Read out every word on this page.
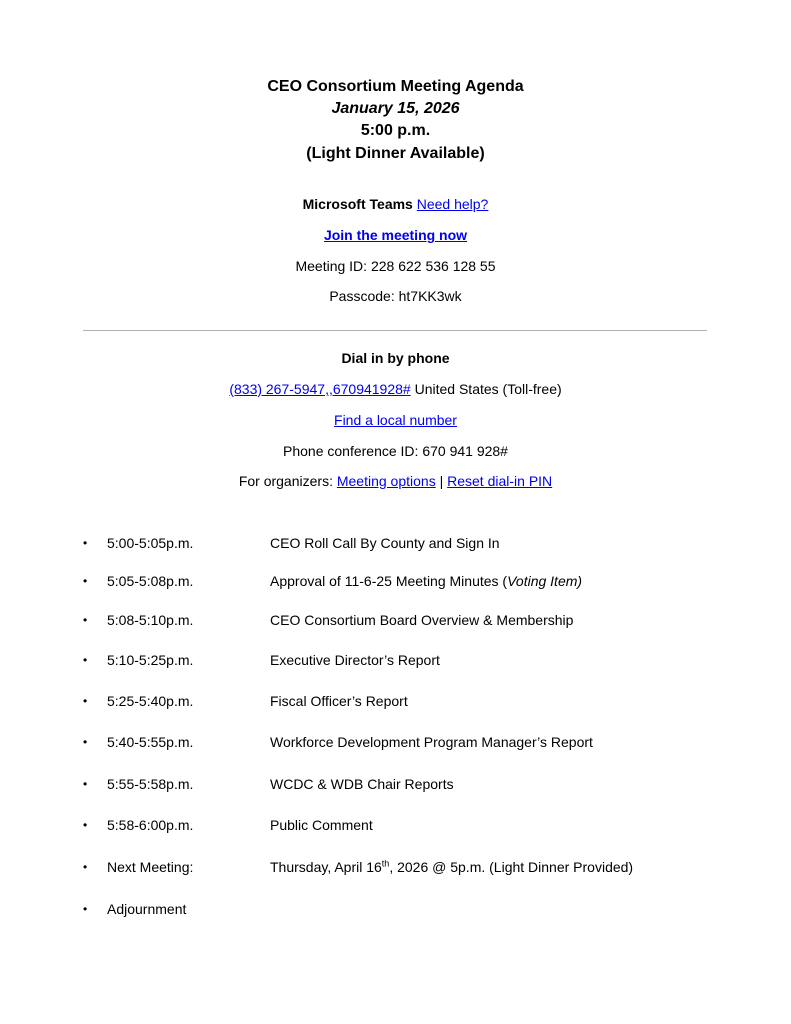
CEO Consortium Meeting Agenda
January 15, 2026
5:00 p.m.
(Light Dinner Available)
Microsoft Teams Need help?
Join the meeting now
Meeting ID: 228 622 536 128 55
Passcode: ht7KK3wk
Dial in by phone
(833) 267-5947,,670941928# United States (Toll-free)
Find a local number
Phone conference ID: 670 941 928#
For organizers: Meeting options | Reset dial-in PIN
• 5:00-5:05p.m.	CEO Roll Call By County and Sign In
• 5:05-5:08p.m.	Approval of 11-6-25 Meeting Minutes (Voting Item)
• 5:08-5:10p.m.	CEO Consortium Board Overview & Membership
• 5:10-5:25p.m.	Executive Director’s Report
• 5:25-5:40p.m.	Fiscal Officer’s Report
• 5:40-5:55p.m.	Workforce Development Program Manager’s Report
• 5:55-5:58p.m.	WCDC & WDB Chair Reports
• 5:58-6:00p.m.	Public Comment
• Next Meeting:	Thursday, April 16th, 2026 @ 5p.m. (Light Dinner Provided)
• Adjournment
